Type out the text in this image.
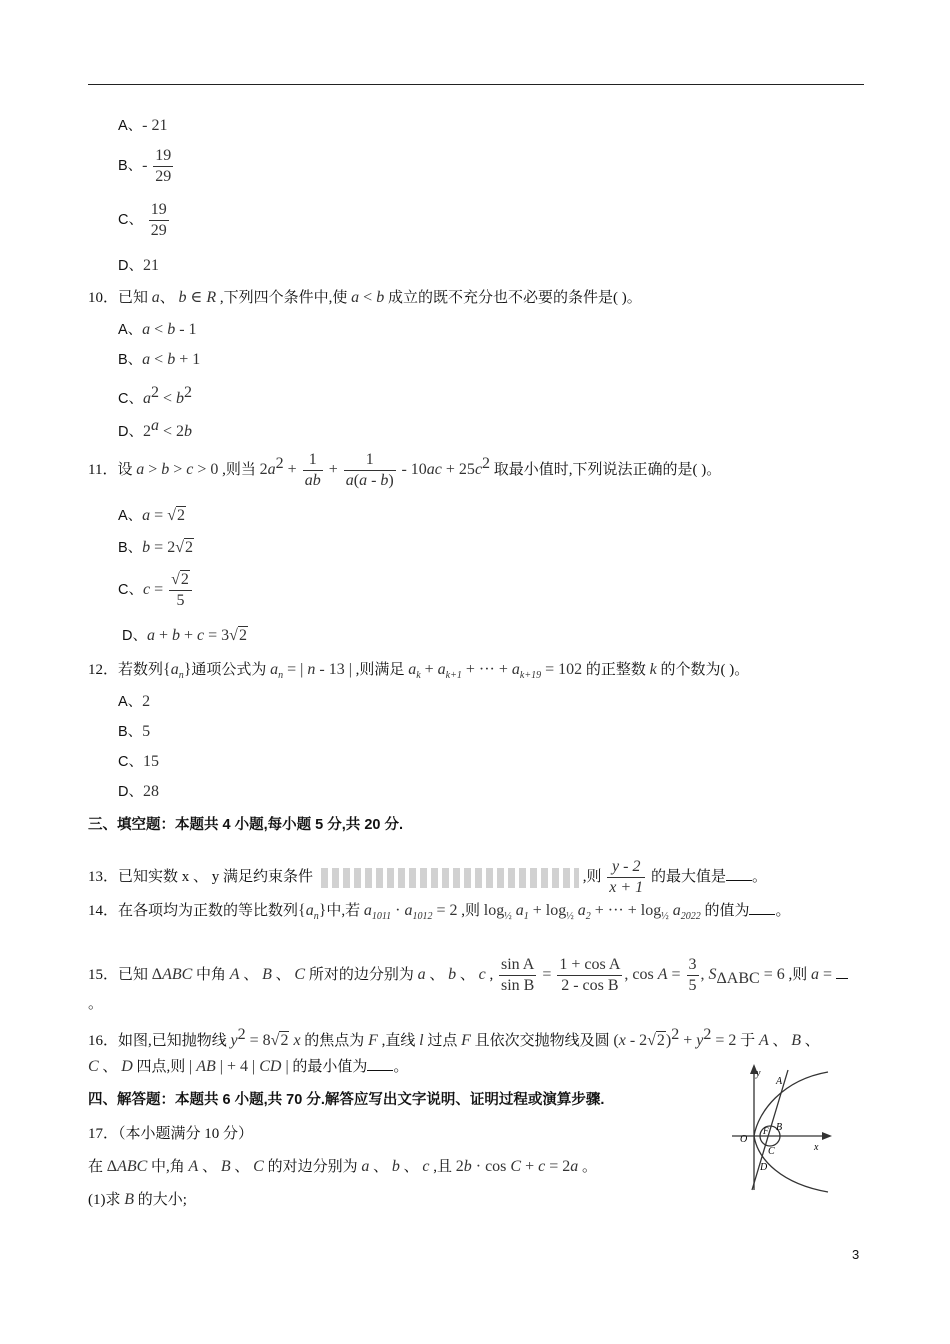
A、- 21
B、- $\frac{19}{29}$
C、 $\frac{19}{29}$
D、21
10．已知 a、 b ∈ R ,下列四个条件中,使 a < b 成立的既不充分也不必要的条件是( )。
A、a < b - 1
B、a < b + 1
C、$a^2 < b^2$
D、$2^a < 2b$
11．设 a > b > c > 0 ,则当 $2a^2 + \frac{1}{ab} + \frac{1}{a(a - b)} - 10ac + 25c^2$ 取最小值时,下列说法正确的是( )。
A、a = √2
B、b = 2√2
C、$c = \frac{√2}{5}$
D、a + b + c = 3√2
12．若数列$\{a_n\}$通项公式为 $a_n$ = | n - 13 | ,则满足 $a_k + a_{k+1}$ + ··· + $a_{k+19} = 102$ 的正整数 k 的个数为( )。
A、2
B、5
C、15
D、28
三、填空题：本题共 4 小题,每小题 5 分,共 20 分.
13．已知实数 x 、 y 满足约束条件	,则 $\frac{y - 2}{x + 1}$ 的最大值是 。
14．在各项均为正数的等比数列$\{a_n\}$中,若 $a_{1011} \cdot a_{1012} = 2$ ,则 $\log_{\frac{1}{2}} a_1 + \log_{\frac{1}{2}} a_2$ + ··· + $\log_{\frac{1}{2}} a_{2022}$ 的值为 。
15．已知 ΔABC 中角 A 、 B 、 C 所对的边分别为 a 、 b 、 c , $\frac{\text{sin A}}{\text{sin B}} = \frac{\text{1 + cos A}}{\text{2 - cos B}}$ , $\cos A = \frac{3}{5}$ , $S_{\Delta ABC} = 6$ ,则 a =
。
16．如图,已知抛物线 $y^2 = 8√2$ x 的焦点为 F ,直线 l 过点 F 且依次交抛物线及圆 $(x - 2√2)^2 + y^2 = 2$ 于 A 、 B 、
C 、 D 四点,则 | AB | + 4 | CD | 的最小值为 。
四、解答题：本题共 6 小题,共 70 分.解答应写出文字说明、证明过程或演算步骤.
17．（本小题满分 10 分）
在 ΔABC 中,角 A 、 B 、 C 的对边分别为 a 、 b 、 c ,且 2b · cos C + c = 2a 。
(1)求 B 的大小;
y
A
B
O
F
C
D
x
3
